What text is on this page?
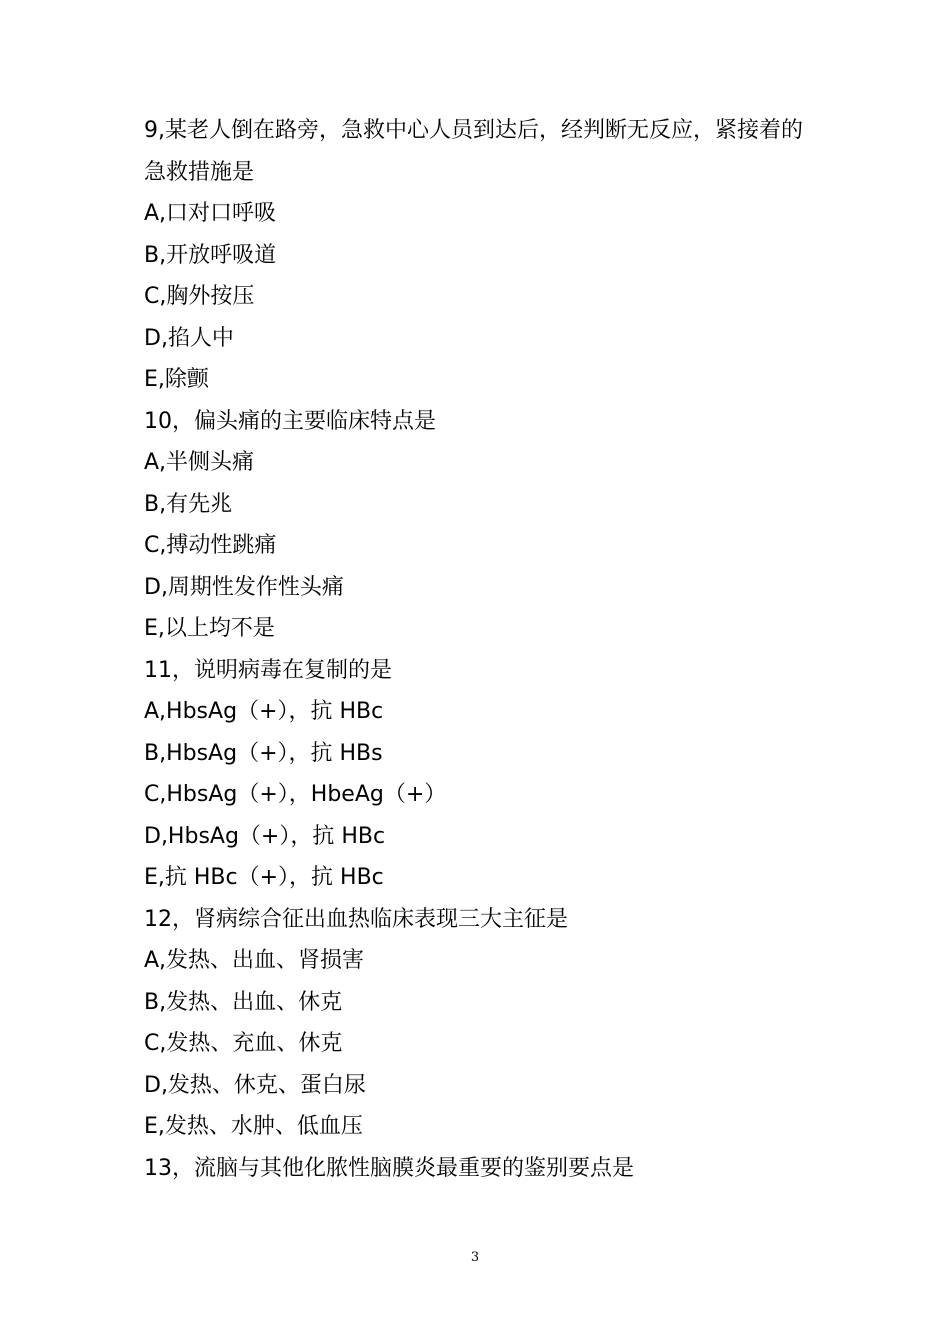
9,某老人倒在路旁，急救中心人员到达后，经判断无反应，紧接着的急救措施是
A,口对口呼吸
B,开放呼吸道
C,胸外按压
D,掐人中
E,除颤
10，偏头痛的主要临床特点是
A,半侧头痛
B,有先兆
C,搏动性跳痛
D,周期性发作性头痛
E,以上均不是
11，说明病毒在复制的是
A,HbsAg（+），抗 HBc
B,HbsAg（+），抗 HBs
C,HbsAg（+），HbeAg（+）
D,HbsAg（+），抗 HBc
E,抗 HBc（+），抗 HBc
12，肾病综合征出血热临床表现三大主征是
A,发热、出血、肾损害
B,发热、出血、休克
C,发热、充血、休克
D,发热、休克、蛋白尿
E,发热、水肿、低血压
13，流脑与其他化脓性脑膜炎最重要的鉴别要点是
3
